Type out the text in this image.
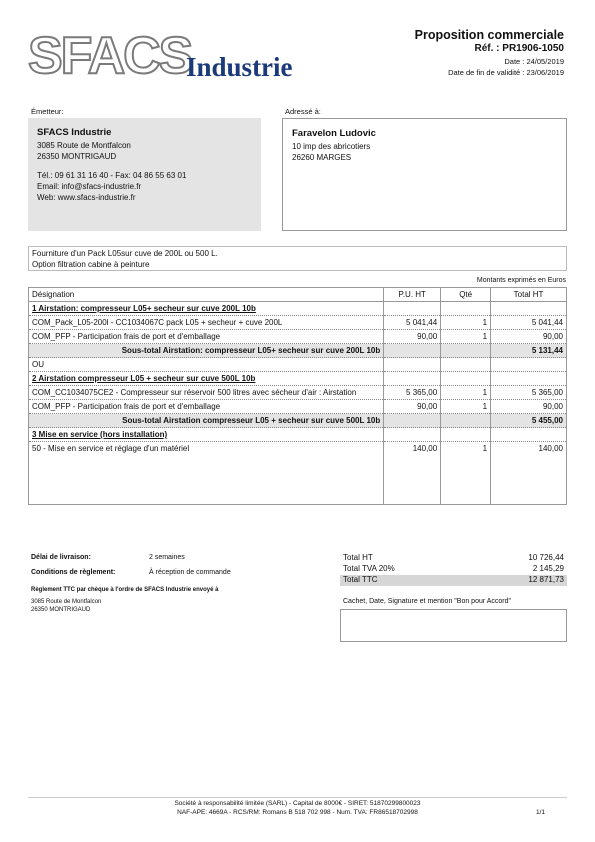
SFACS
Industrie
Proposition commerciale
Réf. : PR1906-1050
Date : 24/05/2019
Date de fin de validité : 23/06/2019
Émetteur:
SFACS Industrie
3085 Route de Montfalcon
26350 MONTRIGAUD
Tél.: 09 61 31 16 40 - Fax: 04 86 55 63 01
Email: info@sfacs-industrie.fr
Web: www.sfacs-industrie.fr
Adressé à:
Faravelon Ludovic
10 imp des abricotiers
26260 MARGES
Fourniture d'un Pack L05sur cuve de 200L ou 500 L.
Option filtration cabine à peinture
Montants exprimés en Euros
Désignation	P.U. HT	Qté	Total HT
1 Airstation: compresseur L05+ secheur sur cuve 200L 10b			
COM_Pack_L05-200l - CC1034067C pack L05 + secheur + cuve 200L	5 041,44	1	5 041,44
COM_PFP - Participation frais de port et d'emballage	90,00	1	90,00
Sous-total Airstation: compresseur L05+ secheur sur cuve 200L 10b			5 131,44
OU			
2 Airstation compresseur L05 + secheur sur cuve 500L 10b			
COM_CC1034075CE2 - Compresseur sur réservoir 500 litres avec sécheur d'air : Airstation	5 365,00	1	5 365,00
COM_PFP - Participation frais de port et d'emballage	90,00	1	90,00
Sous-total Airstation compresseur L05 + secheur sur cuve 500L 10b			5 455,00
3 Mise en service (hors installation)			
50 - Mise en service et réglage d'un matériel	140,00	1	140,00
Délai de livraison:	2 semaines
Conditions de règlement:	À réception de commande
Règlement TTC par chèque à l'ordre de SFACS Industrie envoyé à
3085 Route de Montfalcon
26350 MONTRIGAUD
Total HT	10 726,44
Total TVA 20%	2 145,29
Total TTC	12 871,73
Cachet, Date, Signature et mention "Bon pour Accord"
Société à responsabilité limitée (SARL) - Capital de 8000€ - SIRET: 51870299800023
NAF-APE: 4669A - RCS/RM: Romans B 518 702 998 - Num. TVA: FR86518702998	1/1
